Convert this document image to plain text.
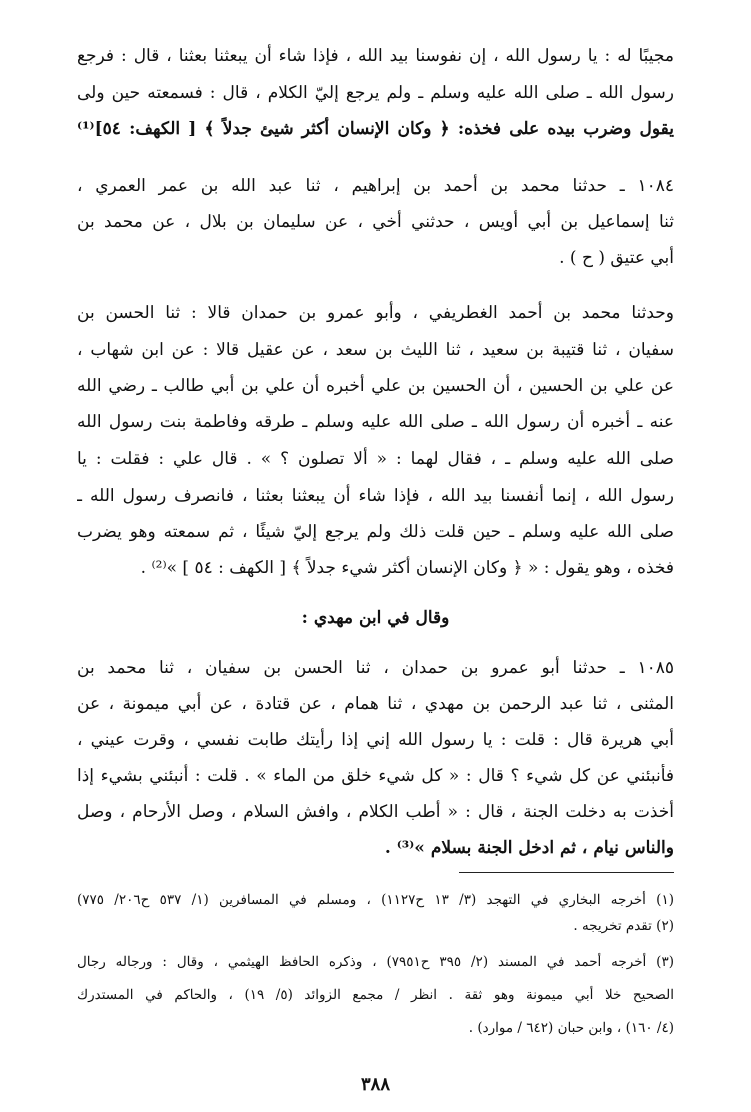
مجيبًا له : يا رسول الله ، إن نفوسنا بيد الله ، فإذا شاء أن يبعثنا بعثنا ، قال : فرجع
رسول الله ـ صلى الله عليه وسلم ـ ولم يرجع إليّ الكلام ، قال : فسمعته حين ولى
يقول وضرب بيده على فخذه: ﴿ وكان الإنسان أكثر شيئ جدلاً ﴾ [ الكهف: ٥٤]⁽¹⁾
١٠٨٤ ـ حدثنا محمد بن أحمد بن إبراهيم ، ثنا عبد الله بن عمر العمري ،
ثنا إسماعيل بن أبي أويس ، حدثني أخي ، عن سليمان بن بلال ، عن محمد بن
أبي عتيق ( ح ) .
وحدثنا محمد بن أحمد الغطريفي ، وأبو عمرو بن حمدان قالا : ثنا الحسن بن
سفيان ، ثنا قتيبة بن سعيد ، ثنا الليث بن سعد ، عن عقيل قالا : عن ابن شهاب ،
عن علي بن الحسين ، أن الحسين بن علي أخبره أن علي بن أبي طالب ـ رضي الله
عنه ـ أخبره أن رسول الله ـ صلى الله عليه وسلم ـ طرقه وفاطمة بنت رسول الله
صلى الله عليه وسلم ـ ، فقال لهما : « ألا تصلون ؟ » . قال علي : فقلت : يا
رسول الله ، إنما أنفسنا بيد الله ، فإذا شاء أن يبعثنا بعثنا ، فانصرف رسول الله ـ
صلى الله عليه وسلم ـ حين قلت ذلك ولم يرجع إليّ شيئًا ، ثم سمعته وهو يضرب
فخذه ، وهو يقول : « ﴿ وكان الإنسان أكثر شيء جدلاً ﴾ [ الكهف : ٥٤ ] »⁽²⁾ .
وقال في ابن مهدي :
١٠٨٥ ـ حدثنا أبو عمرو بن حمدان ، ثنا الحسن بن سفيان ، ثنا محمد بن
المثنى ، ثنا عبد الرحمن بن مهدي ، ثنا همام ، عن قتادة ، عن أبي ميمونة ، عن
أبي هريرة قال : قلت : يا رسول الله إني إذا رأيتك طابت نفسي ، وقرت عيني ،
فأنبئني عن كل شيء ؟ قال : « كل شيء خلق من الماء » . قلت : أنبئني بشيء إذا
أخذت به دخلت الجنة ، قال : « أطب الكلام ، وافش السلام ، وصل الأرحام ، وصل
والناس نيام ، ثم ادخل الجنة بسلام »⁽³⁾ .
(١) أخرجه البخاري في التهجد (٣/ ١٣ ح١١٢٧) ، ومسلم في المسافرين (١/ ٥٣٧ ح٢٠٦/ ٧٧٥)
(٢) تقدم تخريجه .
(٣) أخرجه أحمد في المسند (٢/ ٣٩٥ ح٧٩٥١) ، وذكره الحافظ الهيثمي ، وقال : ورجاله رجال
الصحيح خلا أبي ميمونة وهو ثقة . انظر / مجمع الزوائد (٥/ ١٩) ، والحاكم في المستدرك
(٤/ ١٦٠) ، وابن حبان (٦٤٢ / موارد) .
٣٨٨
